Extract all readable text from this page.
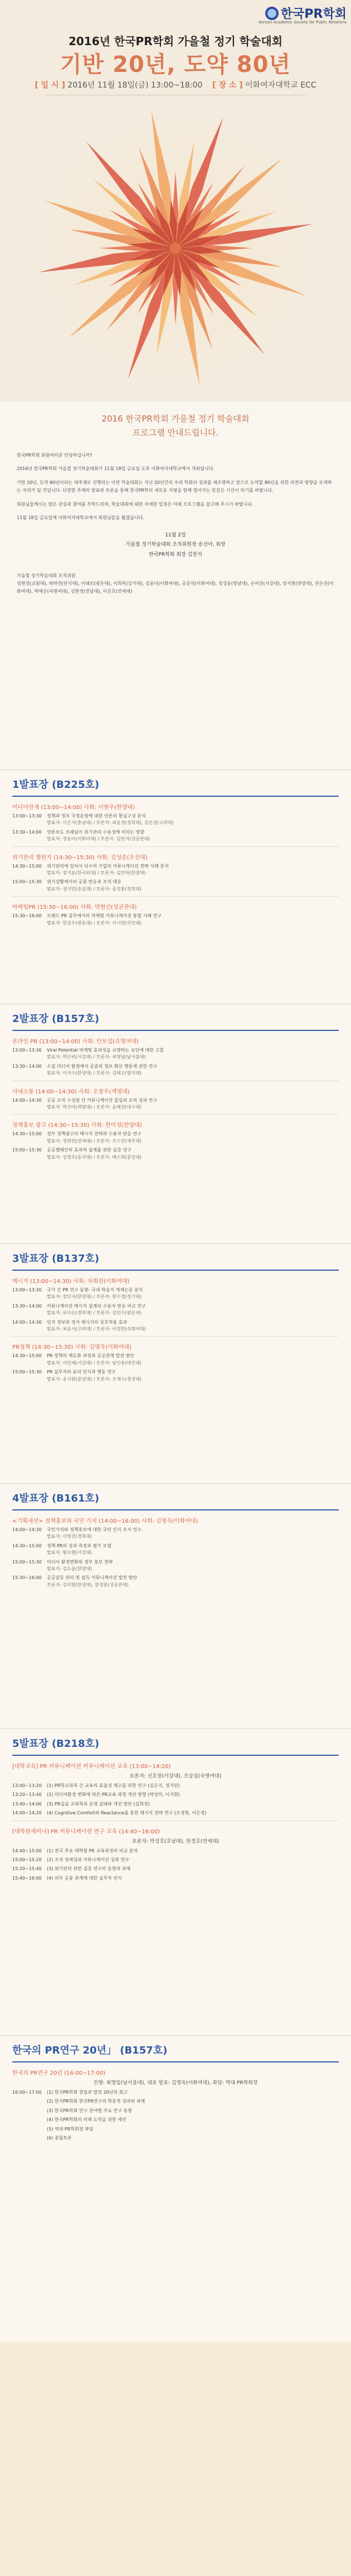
한국PR학회
Korean Academic Society for Public Relations
2016년 한국PR학회 가을철 정기 학술대회
기반 20년, 도약 80년
[ 일 시 ] 2016년 11월 18일(금) 13:00~18:00 [ 장 소 ] 이화여자대학교 ECC
2016 한국PR학회 가을철 정기 학술대회
프로그램 안내드립니다.

한국PR학회 회원여러분 안녕하십니까?

2016년 한국PR학회 가을철 정기학술대회가 11월 18일 금요일 오후 이화여자대학교에서 개최됩니다.

기반 20년, 도약 80년이라는 대주제로 진행되는 이번 학술대회는 지난 20년간의 우리 학회의 성과를 재조명하고 앞으로 도약할 80년을 위한 비전과 방향을 모색하는 자리가 될 것입니다. 다양한 주제의 발표와 토론을 통해 한국PR학의 새로운 지평을 함께 열어가는 뜻깊은 시간이 되기를 바랍니다.

회원님들께서는 많은 관심과 참여를 부탁드리며, 학술대회에 대한 자세한 일정은 아래 프로그램을 참고해 주시기 바랍니다.

11월 18일 금요일에 이화여자대학교에서 회원님들을 뵙겠습니다.

11월 2일
가을철 정기학술대회 조직위원장 송선아, 회장
한국PR학회 회장 김찬석
가을철 정기학술대회 조직위원
정현정(교원대), 박하연(단국대), 이태로(광운대), 이희복(상지대), 김윤미(이화여대), 공준석(이화여대), 정성동(영남대), 손여진(서강대), 장서현(한양대), 권은진(이화여대), 박예은(숙명여대), 김현정(전남대), 이준호(연세대)
1발표장 (B225호)
미디어관계 (13:00~14:00) 사회: 이현우(한양대)
13:00~13:30	정책과 정치 국정운영에 대한 언론의 현실구성 분석
발표자: 이은지(충남대) / 토론자: 최윤정(경희대), 김은정(고려대)
13:30~14:00	언론보도 프레임이 위기관리 수용성에 미치는 영향
발표자: 정윤아(이화여대) / 토론자: 김민지(성균관대)
위기관리 챌린지 (14:30~15:30) 사회: 김성준(조선대)
14:30~15:00	위기관리에 있어서 다수의 기업의 커뮤니케이션 전략 사례 분석
발표자: 장지윤(한국외대) / 토론자: 김민하(한양대)
15:00~15:30	위기상황에서의 공중 반응과 조직 대응
발표자: 권지민(숭실대) / 토론자: 윤정훈(경희대)
마케팅PR (15:30~16:00) 사회: 박현선(성균관대)
15:30~16:00	브랜드 PR 실무에서의 마케팅 커뮤니케이션 통합 사례 연구
발표자: 한상우(광운대) / 토론자: 이서연(국민대)
2발표장 (B157호)
온라인 PR (13:00~14:00) 사회: 안보섭(숙명여대)
13:00~13:30	Viral Potential 마케팅 효과성을 규명하는 요인에 대한 고찰
발표자: 박은비(서강대) / 토론자: 최영남(남서울대)
13:30~14:00	소셜 미디어 환경에서 공중의 정보 확산 행동에 관한 연구
발표자: 이지수(한양대) / 토론자: 김태오(명지대)
사내소통 (14:00~14:30) 사회: 오창우(계명대)
14:00~14:30	공공 조직 구성원 간 커뮤니케이션 몰입과 조직 성과 연구
발표자: 박진아(계명대) / 토론자: 윤혜진(대구대)
정책홍보 광고 (14:30~15:30) 사회: 한미정(한양대)
14:30~15:00	정부 정책광고의 메시지 전략과 수용자 반응 연구
발표자: 정현민(연세대) / 토론자: 조수진(제주대)
15:00~15:30	공공캠페인의 효과적 설계를 위한 실증 연구
발표자: 김영호(동국대) / 토론자: 배소희(중앙대)
3발표장 (B137호)
메시지 (13:00~14:30) 사회: 차희원(이화여대)
13:00~13:30	국가 간 PR 연구 동향: 국내 학술지 게재논문 분석
발표자: 장민지(한양대) / 토론자: 한수경(경기대)
13:30~14:00	커뮤니케이션 메시지 설계의 수용자 반응 비교 연구
발표자: 유다은(경희대) / 토론자: 김민수(광운대)
14:00~14:30	인지 정보와 정서 메시지의 상호작용 효과
발표자: 최윤서(고려대) / 토론자: 이정민(숙명여대)
PR정책 (14:30~15:30) 사회: 김영욱(이화여대)
14:30~15:00	PR 정책의 제도화 과정과 공공관계 발전 방안
발표자: 이민재(서강대) / 토론자: 남인용(대진대)
15:00~15:30	PR 실무자의 윤리 인식과 행동 연구
발표자: 송지원(중앙대) / 토론자: 조재수(경성대)
4발표장 (B161호)
<기획세션> 정책홍보와 국민 가치 (14:00~16:00) 사회: 김영욱(이화여대)
14:00~14:30	국민가치와 정책홍보에 대한 국민 인식 조사 연구
발표자: 이영진(경희대)
14:30~15:00	정책 PR의 성과 측정과 평가 모델
발표자: 황보현(서강대)
15:00~15:30	미디어 환경변화와 정부 홍보 전략
발표자: 김도윤(한양대)
15:30~16:00	공공갈등 관리 및 설득 커뮤니케이션 발전 방안
토론자: 강의현(한양대), 한정훈(성균관대)
5발표장 (B218호)
[대학교육] PR 커뮤니케이션 커뮤니케이션 교육 (13:00~14:20)
토론자: 신호창(서강대), 조삼섭(숙명여대)
13:00~13:20	(1) PR학교과목 간 교육의 효율성 제고를 위한 연구 (김은지, 정지민)
13:20~13:40	(2) 미디어환경 변화에 따른 PR교육 과정 개선 방향 (박성미, 이지현)
13:40~14:00	(3) PR실습 교과목의 운영 실태와 개선 방안 (김희정)
14:00~14:20	(4) Cognitive Comfort와 Reactance를 통한 메시지 전략 연구 (조정현, 이은정)
[대학원세미나] PR 커뮤니케이션 연구 교육 (14:40~16:00)
토론자: 박성호(호남대), 한정호(연세대)
14:40~15:00	(1) 전국 주요 대학원 PR 교육과정의 비교 분석
15:00~15:20	(2) 조직 정체성과 커뮤니케이션 성과 연구
15:20~15:40	(3) 위기관리 관련 실증 연구의 동향과 과제
15:40~16:00	(4) 외부 공중 관계에 대한 실무자 인식
한국의 PR연구 20년」 (B157호)
한국의 PR연구 20년 (16:00~17:00)
진행: 최영임(남서울대), 대표 발표: 김영욱(이화여대), 좌담: 역대 PR학회장
16:00~17:00	(1) 한국PR학회 창립과 발전 20년의 회고
(2) 한국PR학회 한국PR연구의 학문적 성과와 과제
(3) 한국PR학회 연구 분야별 주요 연구 동향
(4) 한국PR학회의 미래 도약을 위한 제언
(5) 역대 PR학회장 좌담
(6) 종합토론
